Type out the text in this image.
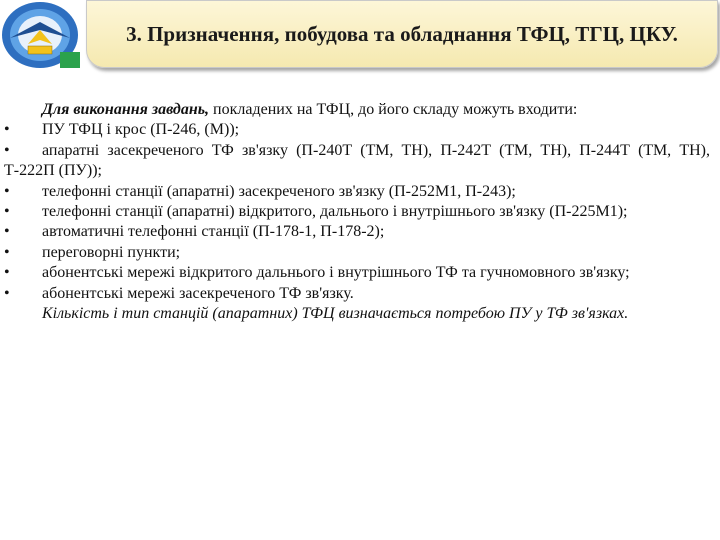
3. Призначення, побудова та обладнання ТФЦ, ТГЦ, ЦКУ.

Для виконання завдань, покладених на ТФЦ, до його складу можуть входити:

• ПУ ТФЦ і крос (П-246, (М));
• апаратні засекреченого ТФ зв'язку (П-240Т (ТМ, ТН), П-242Т (ТМ, ТН), П-244Т (ТМ, ТН), Т-222П (ПУ));
• телефонні станції (апаратні) засекреченого зв'язку (П-252М1, П-243);
• телефонні станції (апаратні) відкритого, дальнього і внутрішнього зв'язку (П-225М1);
• автоматичні телефонні станції (П-178-1, П-178-2);
• переговорні пункти;
• абонентські мережі відкритого дальнього і внутрішнього ТФ та гучномовного зв'язку;
• абонентські мережі засекреченого ТФ зв'язку.

Кількість і тип станцій (апаратних) ТФЦ визначається потребою ПУ у ТФ зв'язках.
